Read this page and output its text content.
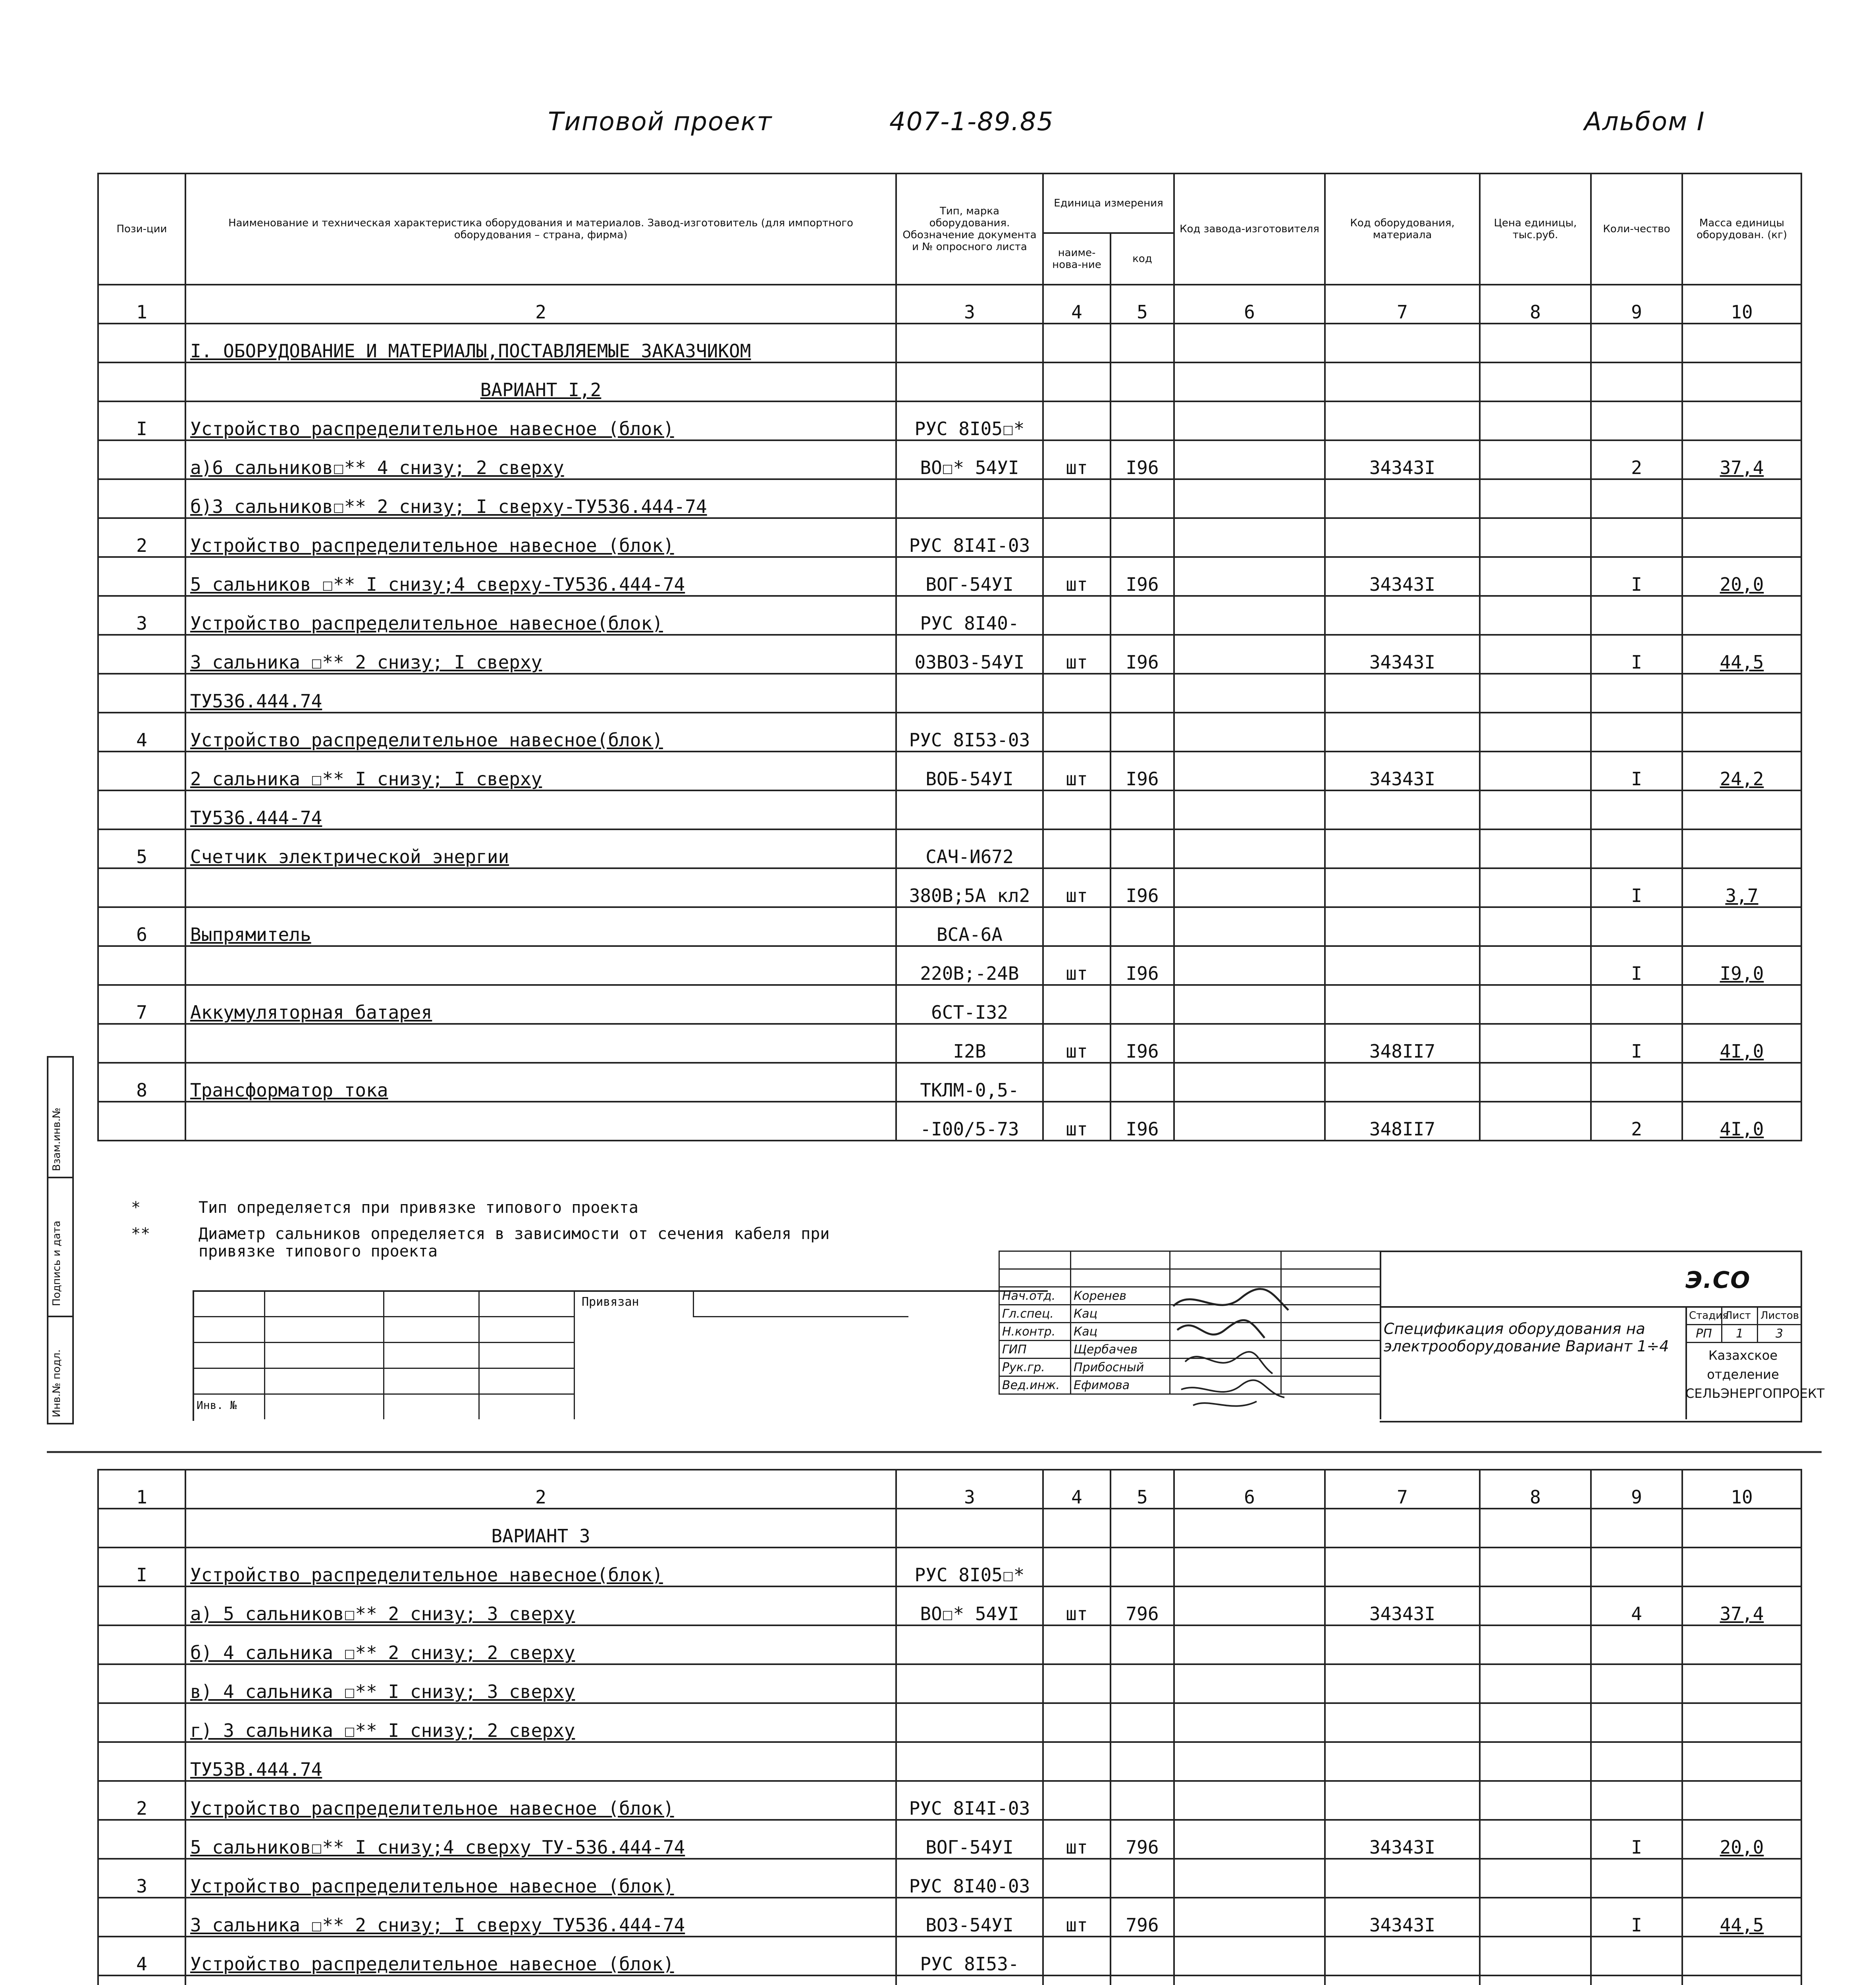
Типовой проект	407-1-89.85	Альбом I
Пози-ции	Наименование и техническая характеристика оборудования и материалов. Завод-изготовитель (для импортного оборудования – страна, фирма)	Тип, марка оборудования. Обозначение документа и № опросного листа	Единица измерения		Код завода-изготовителя	Код оборудования, материала	Цена единицы, тыс.руб.	Коли-чество	Масса единицы оборудован. (кг)
			наиме-нова-ние	код					
1	2	3	4	5	6	7	8	9	10
	I. ОБОРУДОВАНИЕ И МАТЕРИАЛЫ,ПОСТАВЛЯЕМЫЕ ЗАКАЗЧИКОМ								
	ВАРИАНТ I,2								
I	Устройство распределительное навесное (блок)	РУС 8I05☐*							
	а)6 сальников☐** 4 снизу; 2 сверху	ВО☐* 54УI	шт	I96		34343I		2	37,4
	б)3 сальников☐** 2 снизу; I сверху-ТУ536.444-74								
2	Устройство распределительное навесное (блок)	РУС 8I4I-03							
	5 сальников ☐** I снизу;4 сверху-ТУ536.444-74	ВОГ-54УI	шт	I96		34343I		I	20,0
3	Устройство распределительное навесное(блок)	РУС 8I40-							
	3 сальника ☐** 2 снизу; I сверху	03ВО3-54УI	шт	I96		34343I		I	44,5
	ТУ536.444.74								
4	Устройство распределительное навесное(блок)	РУС 8I53-03							
	2 сальника ☐** I снизу; I сверху	ВОБ-54УI	шт	I96		34343I		I	24,2
	ТУ536.444-74								
5	Счетчик электрической энергии	САЧ-И672							
		380В;5А кл2	шт	I96				I	3,7
6	Выпрямитель	ВСА-6А							
		220В;-24В	шт	I96				I	I9,0
7	Аккумуляторная батарея	6СТ-I32							
		I2В	шт	I96		348II7		I	4I,0
8	Трансформатор тока	ТКЛМ-0,5-							
		-I00/5-73	шт	I96		348II7		2	4I,0
*	Тип определяется при привязке типового проекта
**	Диаметр сальников определяется в зависимости от сечения кабеля при привязке типового проекта
Взам.инв.№
Подпись и дата
Инв.№ подл.
Привязан
Инв. №

Нач.отд.	Коренев		
Гл.спец.	Кац		
Н.контр.	Кац		
ГИП	Щербачев		
Рук.гр.	Прибосный		
Вед.инж.	Ефимова		
Э.СО
Спецификация оборудования на электрооборудование Вариант 1÷4
Стадия	Лист	Листов
РП	1	3
Казахское отделение
СЕЛЬЭНЕРГОПРОЕКТ
1	2	3	4	5	6	7	8	9	10
	ВАРИАНТ 3								
I	Устройство распределительное навесное(блок)	РУС 8I05☐*							
	а) 5 сальников☐** 2 снизу; 3 сверху	ВО☐* 54УI	шт	796		34343I		4	37,4
	б) 4 сальника ☐** 2 снизу; 2 сверху								
	в) 4 сальника ☐** I снизу; 3 сверху								
	г) 3 сальника ☐** I снизу; 2 сверху								
	ТУ53В.444.74								
2	Устройство распределительное навесное (блок)	РУС 8I4I-03							
	5 сальников☐** I снизу;4 сверху ТУ-536.444-74	ВОГ-54УI	шт	796		34343I		I	20,0
3	Устройство распределительное навесное (блок)	РУС 8I40-03							
	3 сальника ☐** 2 снизу; I сверху ТУ536.444-74	ВО3-54УI	шт	796		34343I		I	44,5
4	Устройство распределительное навесное (блок)	РУС 8I53-							
